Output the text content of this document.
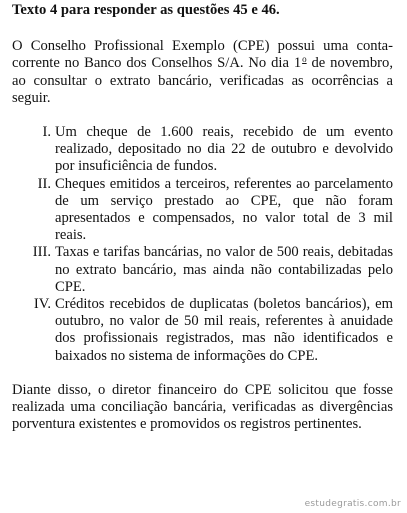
Texto 4 para responder as questões 45 e 46.

O Conselho Profissional Exemplo (CPE) possui uma conta-corrente no Banco dos Conselhos S/A. No dia 1$^o$ de novembro, ao consultar o extrato bancário, verificadas as ocorrências a seguir.

I. Um cheque de 1.600 reais, recebido de um evento realizado, depositado no dia 22 de outubro e devolvido por insuficiência de fundos.
II. Cheques emitidos a terceiros, referentes ao parcelamento de um serviço prestado ao CPE, que não foram apresentados e compensados, no valor total de 3 mil reais.
III. Taxas e tarifas bancárias, no valor de 500 reais, debitadas no extrato bancário, mas ainda não contabilizadas pelo CPE.
IV. Créditos recebidos de duplicatas (boletos bancários), em outubro, no valor de 50 mil reais, referentes à anuidade dos profissionais registrados, mas não identificados e baixados no sistema de informações do CPE.

Diante disso, o diretor financeiro do CPE solicitou que fosse realizada uma conciliação bancária, verificadas as divergências porventura existentes e promovidos os registros pertinentes.

estudegratis.com.br
